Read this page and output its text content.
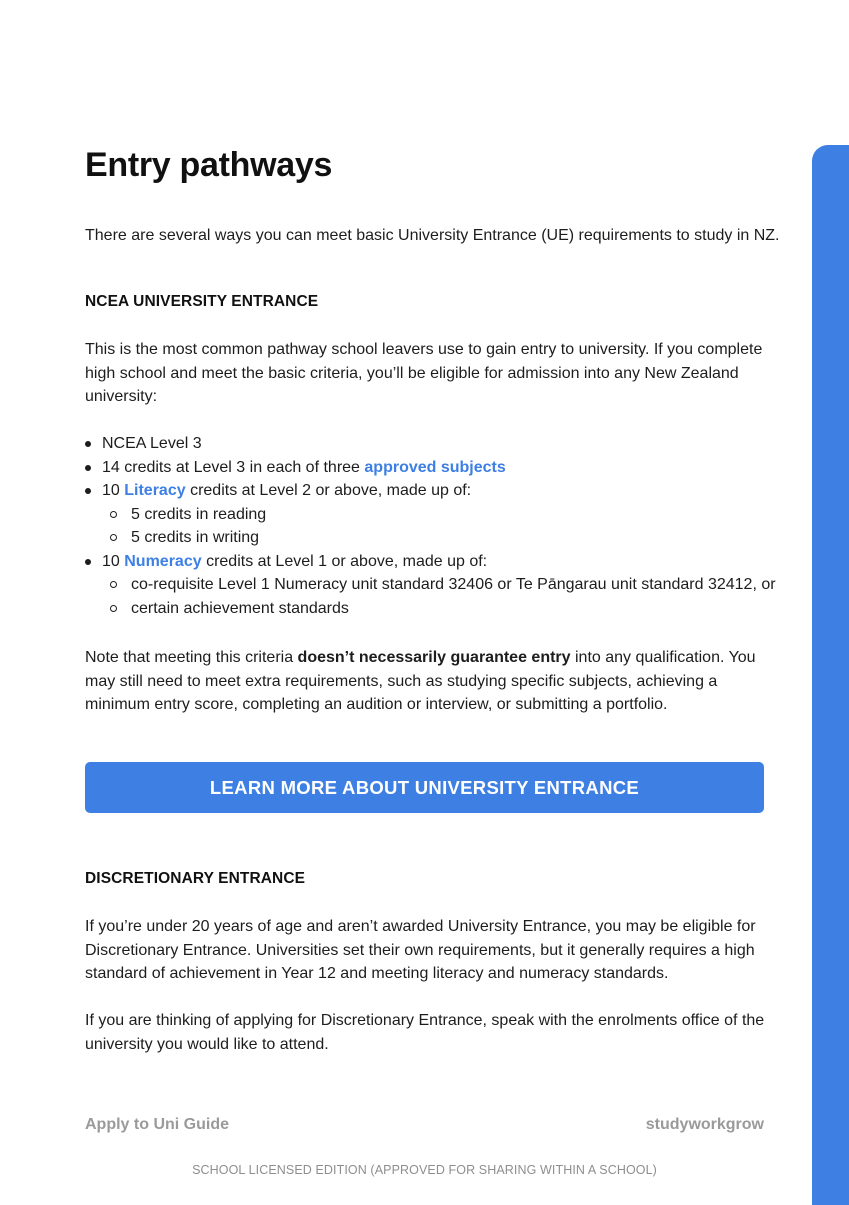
Entry pathways

There are several ways you can meet basic University Entrance (UE) requirements to study in NZ.

NCEA UNIVERSITY ENTRANCE

This is the most common pathway school leavers use to gain entry to university. If you complete high school and meet the basic criteria, you’ll be eligible for admission into any New Zealand university:

NCEA Level 3
14 credits at Level 3 in each of three approved subjects
10 Literacy credits at Level 2 or above, made up of:
5 credits in reading
5 credits in writing
10 Numeracy credits at Level 1 or above, made up of:
co-requisite Level 1 Numeracy unit standard 32406 or Te Pāngarau unit standard 32412, or
certain achievement standards

Note that meeting this criteria doesn’t necessarily guarantee entry into any qualification. You may still need to meet extra requirements, such as studying specific subjects, achieving a minimum entry score, completing an audition or interview, or submitting a portfolio.

DISCRETIONARY ENTRANCE

If you’re under 20 years of age and aren’t awarded University Entrance, you may be eligible for Discretionary Entrance. Universities set their own requirements, but it generally requires a high standard of achievement in Year 12 and meeting literacy and numeracy standards.

If you are thinking of applying for Discretionary Entrance, speak with the enrolments office of the university you would like to attend.

LEARN MORE ABOUT UNIVERSITY ENTRANCE
Apply to Uni Guide	studyworkgrow
SCHOOL LICENSED EDITION (APPROVED FOR SHARING WITHIN A SCHOOL)
